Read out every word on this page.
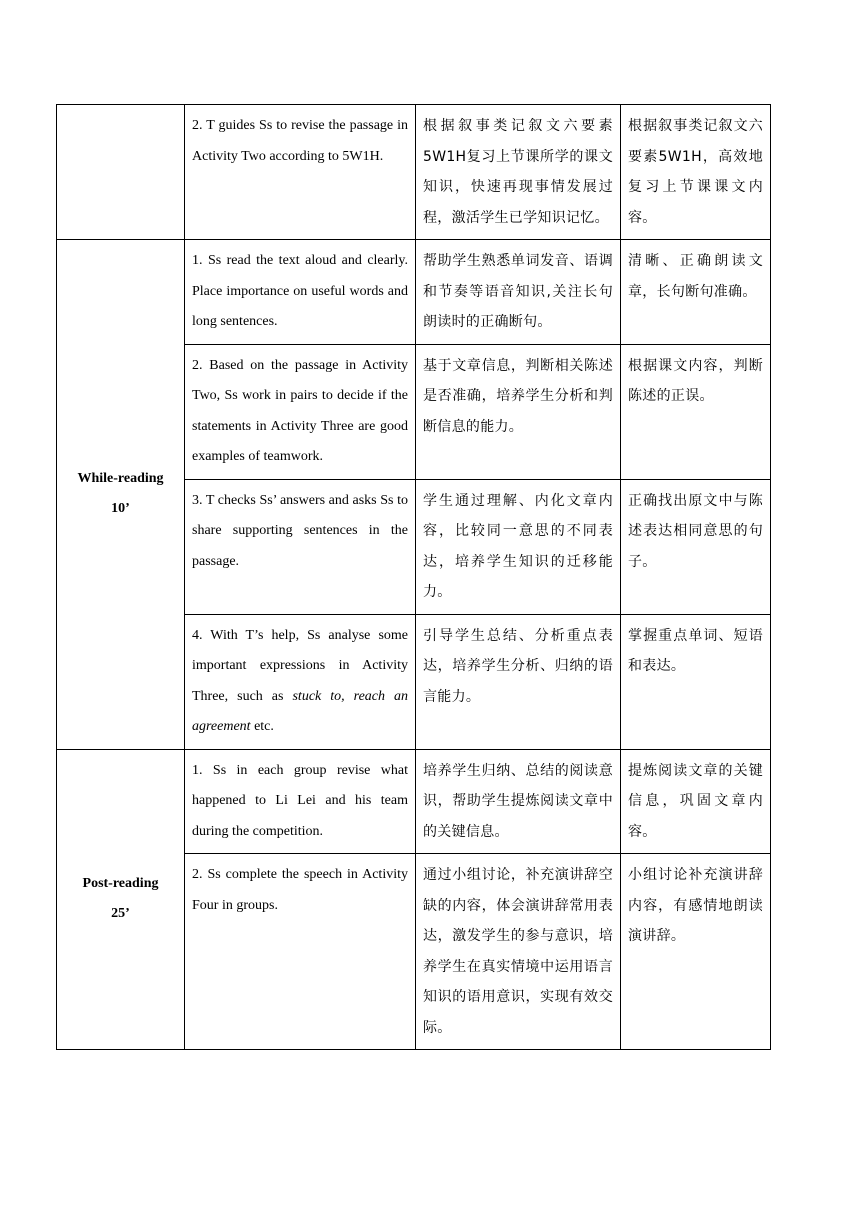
	2. T guides Ss to revise the passage in Activity Two according to 5W1H.	根据叙事类记叙文六要素5W1H复习上节课所学的课文知识，快速再现事情发展过程，激活学生已学知识记忆。	根据叙事类记叙文六要素5W1H，高效地复习上节课课文内容。

While-reading
10’	1. Ss read the text aloud and clearly. Place importance on useful words and long sentences.	帮助学生熟悉单词发音、语调和节奏等语音知识,关注长句朗读时的正确断句。	清晰、正确朗读文章，长句断句准确。
	2. Based on the passage in Activity Two, Ss work in pairs to decide if the statements in Activity Three are good examples of teamwork.	基于文章信息，判断相关陈述是否准确，培养学生分析和判断信息的能力。	根据课文内容，判断陈述的正误。
	3. T checks Ss’ answers and asks Ss to share supporting sentences in the passage.	学生通过理解、内化文章内容，比较同一意思的不同表达，培养学生知识的迁移能力。	正确找出原文中与陈述表达相同意思的句子。
	4. With T’s help, Ss analyse some important expressions in Activity Three, such as stuck to, reach an agreement etc.	引导学生总结、分析重点表达，培养学生分析、归纳的语言能力。	掌握重点单词、短语和表达。

Post-reading
25’	1. Ss in each group revise what happened to Li Lei and his team during the competition.	培养学生归纳、总结的阅读意识，帮助学生提炼阅读文章中的关键信息。	提炼阅读文章的关键信息，巩固文章内容。
	2. Ss complete the speech in Activity Four in groups.	通过小组讨论，补充演讲辞空缺的内容，体会演讲辞常用表达，激发学生的参与意识，培养学生在真实情境中运用语言知识的语用意识，实现有效交际。	小组讨论补充演讲辞内容，有感情地朗读演讲辞。
